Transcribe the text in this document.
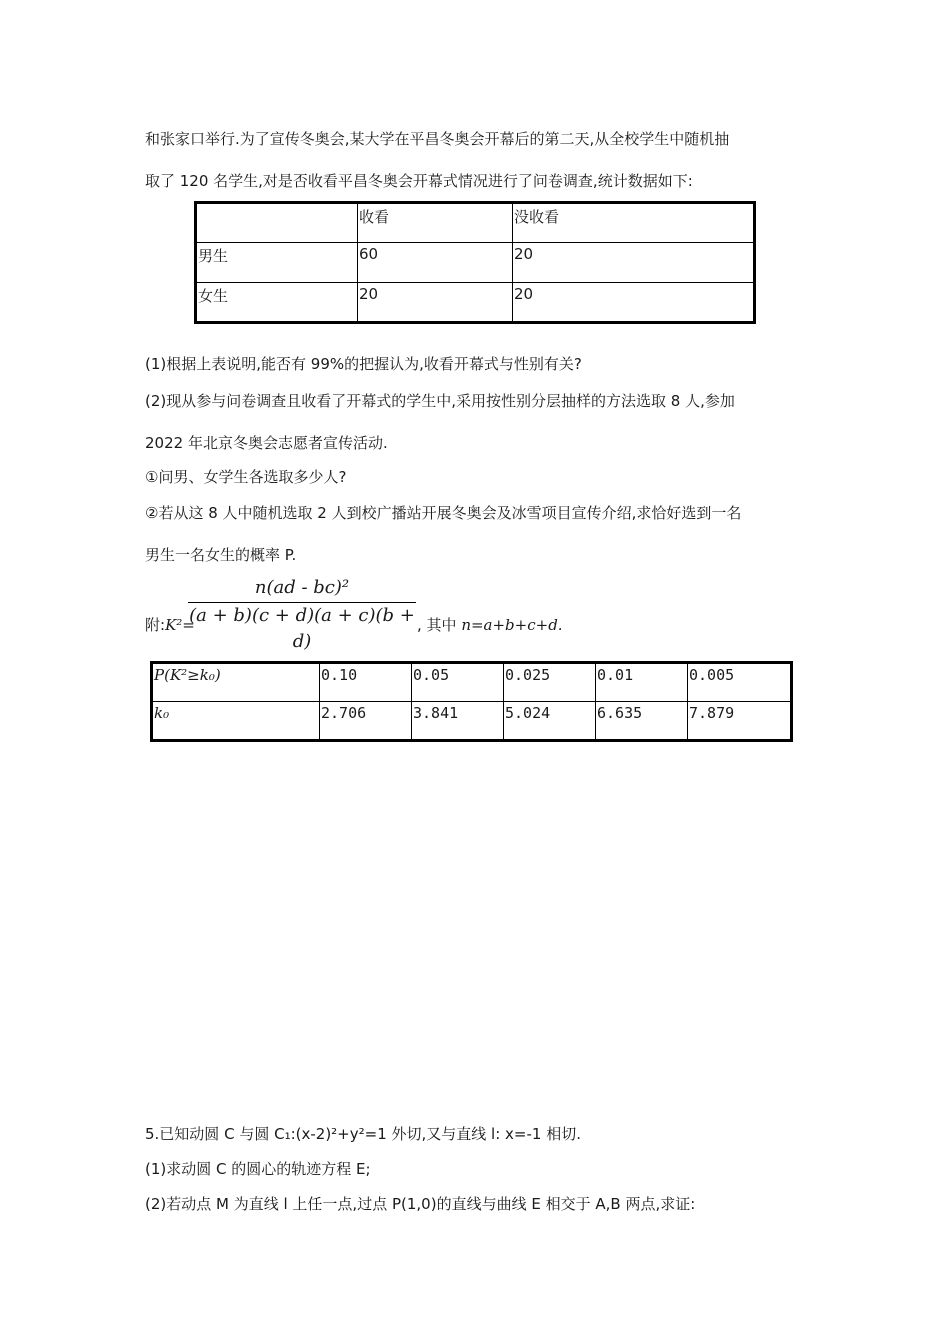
和张家口举行.为了宣传冬奥会,某大学在平昌冬奥会开幕后的第二天,从全校学生中随机抽
取了 120 名学生,对是否收看平昌冬奥会开幕式情况进行了问卷调查,统计数据如下:
	收看	没收看
男生	60	20
女生	20	20
(1)根据上表说明,能否有 99%的把握认为,收看开幕式与性别有关?
(2)现从参与问卷调查且收看了开幕式的学生中,采用按性别分层抽样的方法选取 8 人,参加
2022 年北京冬奥会志愿者宣传活动.
①问男、女学生各选取多少人?
②若从这 8 人中随机选取 2 人到校广播站开展冬奥会及冰雪项目宣传介绍,求恰好选到一名
男生一名女生的概率 P.
附:K²=
n(ad - bc)²
(a + b)(c + d)(a + c)(b + d)
, 其中 n=a+b+c+d.
P(K²≥k₀)	0.10	0.05	0.025	0.01	0.005
k₀	2.706	3.841	5.024	6.635	7.879
5.已知动圆 C 与圆 C₁:(x-2)²+y²=1 外切,又与直线 l: x=-1 相切.
(1)求动圆 C 的圆心的轨迹方程 E;
(2)若动点 M 为直线 l 上任一点,过点 P(1,0)的直线与曲线 E 相交于 A,B 两点,求证:
